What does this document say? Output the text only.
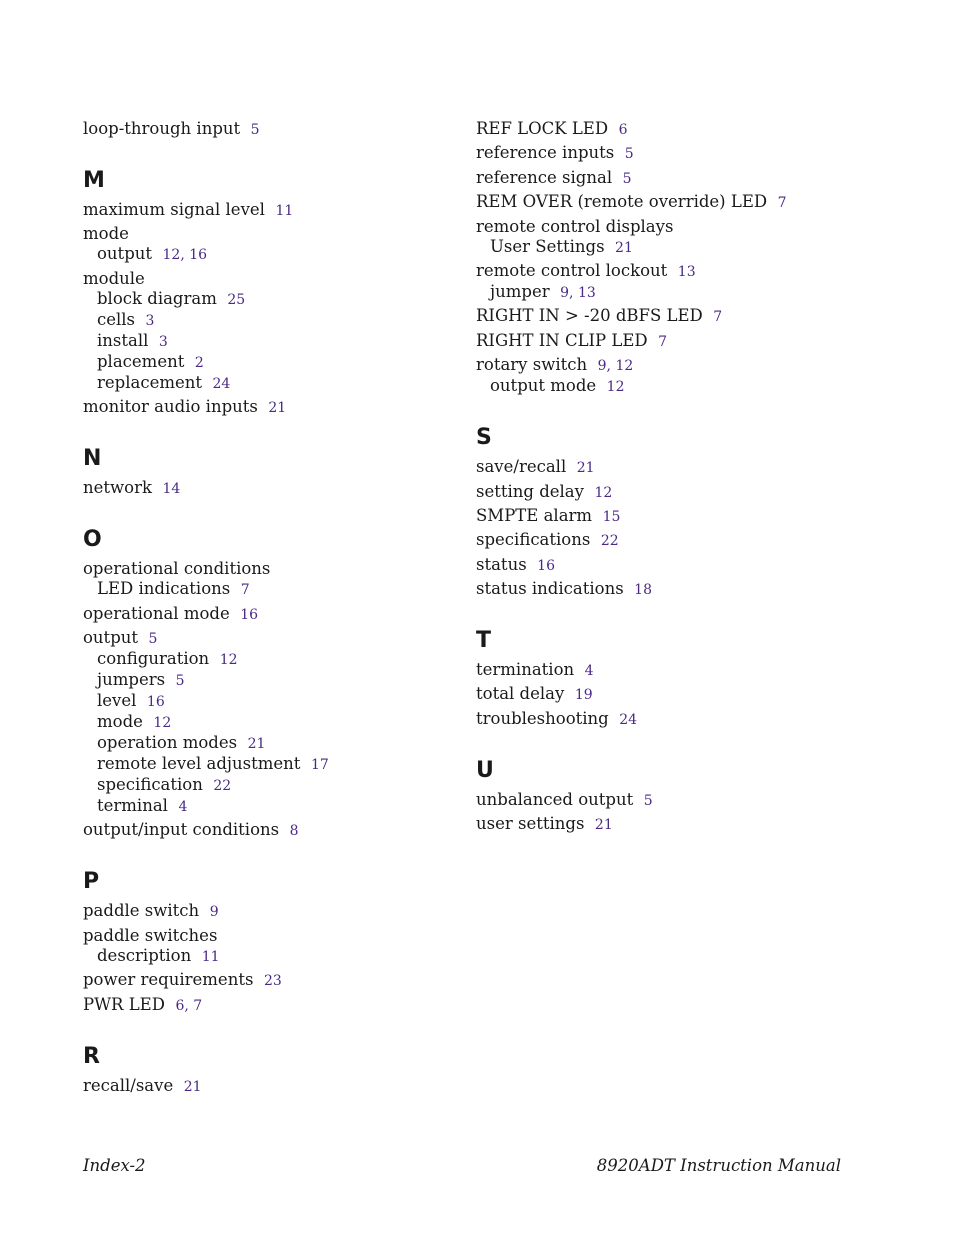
loop-through input 5
M
maximum signal level 11
mode
output 12, 16
module
block diagram 25
cells 3
install 3
placement 2
replacement 24
monitor audio inputs 21
N
network 14
O
operational conditions
LED indications 7
operational mode 16
output 5
configuration 12
jumpers 5
level 16
mode 12
operation modes 21
remote level adjustment 17
specification 22
terminal 4
output/input conditions 8
P
paddle switch 9
paddle switches
description 11
power requirements 23
PWR LED 6, 7
R
recall/save 21
REF LOCK LED 6
reference inputs 5
reference signal 5
REM OVER (remote override) LED 7
remote control displays
User Settings 21
remote control lockout 13
jumper 9, 13
RIGHT IN > -20 dBFS LED 7
RIGHT IN CLIP LED 7
rotary switch 9, 12
output mode 12
S
save/recall 21
setting delay 12
SMPTE alarm 15
specifications 22
status 16
status indications 18
T
termination 4
total delay 19
troubleshooting 24
U
unbalanced output 5
user settings 21
Index-2	8920ADT Instruction Manual
